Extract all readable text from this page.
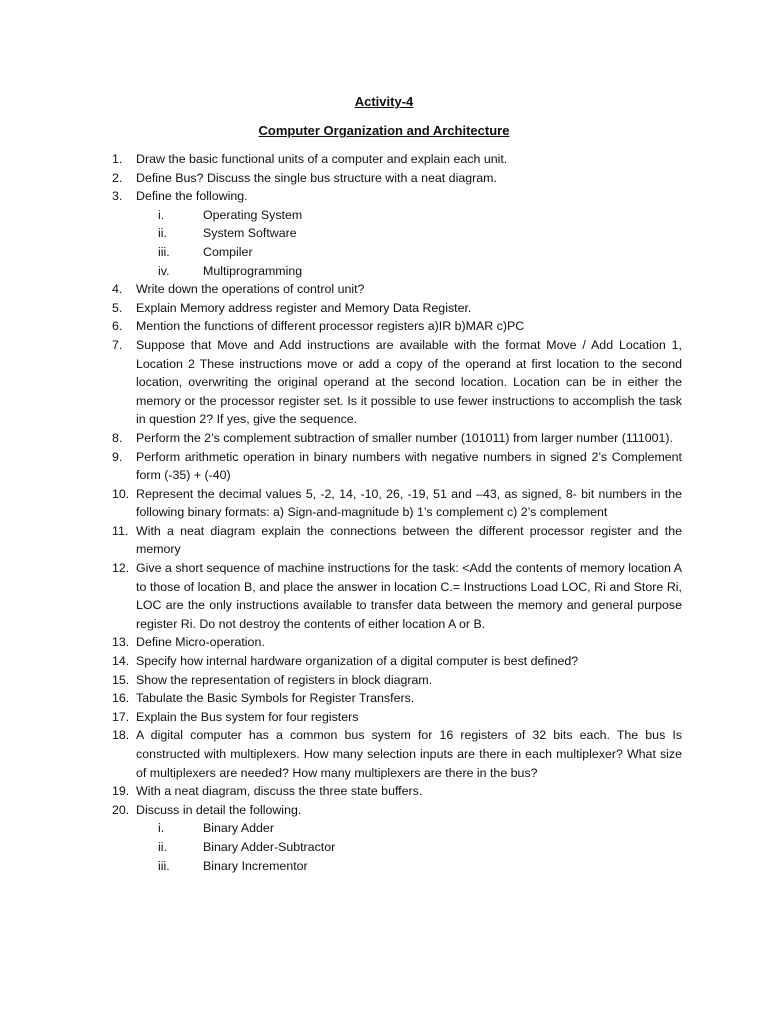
Activity-4
Computer Organization and Architecture
1.	Draw the basic functional units of a computer and explain each unit.
2.	Define Bus? Discuss the single bus structure with a neat diagram.
3.	Define the following.
i.	Operating System
ii.	System Software
iii.	Compiler
iv.	Multiprogramming
4.	Write down the operations of control unit?
5.	Explain Memory address register and Memory Data Register.
6.	Mention the functions of different processor registers a)IR b)MAR c)PC
7.	Suppose that Move and Add instructions are available with the format Move / Add Location 1, Location 2 These instructions move or add a copy of the operand at first location to the second location, overwriting the original operand at the second location. Location can be in either the memory or the processor register set. Is it possible to use fewer instructions to accomplish the task in question 2? If yes, give the sequence.
8.	Perform the 2’s complement subtraction of smaller number (101011) from larger number (111001).
9.	Perform arithmetic operation in binary numbers with negative numbers in signed 2’s Complement form (-35) + (-40)
10. Represent the decimal values 5, -2, 14, -10, 26, -19, 51 and –43, as signed, 8- bit numbers in the following binary formats: a) Sign-and-magnitude b) 1’s complement c) 2’s complement
11. With a neat diagram explain the connections between the different processor register and the memory
12. Give a short sequence of machine instructions for the task: <Add the contents of memory location A to those of location B, and place the answer in location C.= Instructions Load LOC, Ri and Store Ri, LOC are the only instructions available to transfer data between the memory and general purpose register Ri. Do not destroy the contents of either location A or B.
13. Define Micro-operation.
14. Specify how internal hardware organization of a digital computer is best defined?
15. Show the representation of registers in block diagram.
16. Tabulate the Basic Symbols for Register Transfers.
17. Explain the Bus system for four registers
18. A digital computer has a common bus system for 16 registers of 32 bits each. The bus Is constructed with multiplexers. How many selection inputs are there in each multiplexer? What size of multiplexers are needed? How many multiplexers are there in the bus?
19. With a neat diagram, discuss the three state buffers.
20. Discuss in detail the following.
i.	Binary Adder
ii.	Binary Adder-Subtractor
iii.	Binary Incrementor
